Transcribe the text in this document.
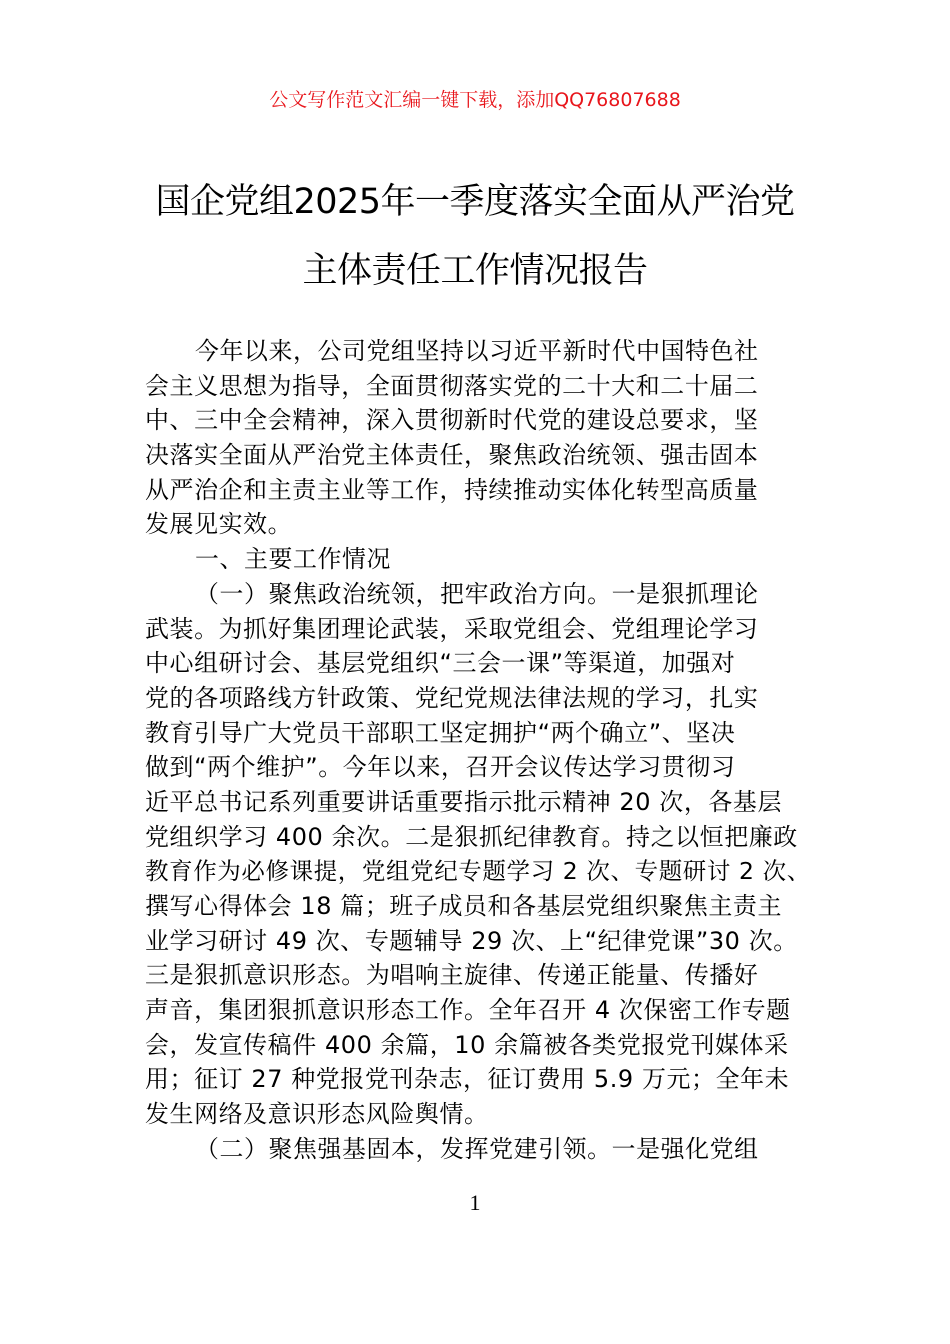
公文写作范文汇编一键下载，添加QQ76807688
国企党组2025年一季度落实全面从严治党
主体责任工作情况报告
今年以来，公司党组坚持以习近平新时代中国特色社
会主义思想为指导，全面贯彻落实党的二十大和二十届二
中、三中全会精神，深入贯彻新时代党的建设总要求，坚
决落实全面从严治党主体责任，聚焦政治统领、强击固本
从严治企和主责主业等工作，持续推动实体化转型高质量
发展见实效。
一、主要工作情况
（一）聚焦政治统领，把牢政治方向。一是狠抓理论
武装。为抓好集团理论武装，采取党组会、党组理论学习
中心组研讨会、基层党组织“三会一课”等渠道，加强对
党的各项路线方针政策、党纪党规法律法规的学习，扎实
教育引导广大党员干部职工坚定拥护“两个确立”、坚决
做到“两个维护”。今年以来，召开会议传达学习贯彻习
近平总书记系列重要讲话重要指示批示精神 20 次，各基层
党组织学习 400 余次。二是狠抓纪律教育。持之以恒把廉政
教育作为必修课提，党组党纪专题学习 2 次、专题研讨 2 次、
撰写心得体会 18 篇；班子成员和各基层党组织聚焦主责主
业学习研讨 49 次、专题辅导 29 次、上“纪律党课”30 次。
三是狠抓意识形态。为唱响主旋律、传递正能量、传播好
声音，集团狠抓意识形态工作。全年召开 4 次保密工作专题
会，发宣传稿件 400 余篇，10 余篇被各类党报党刊媒体采
用；征订 27 种党报党刊杂志，征订费用 5.9 万元；全年未
发生网络及意识形态风险舆情。
（二）聚焦强基固本，发挥党建引领。一是强化党组
1
